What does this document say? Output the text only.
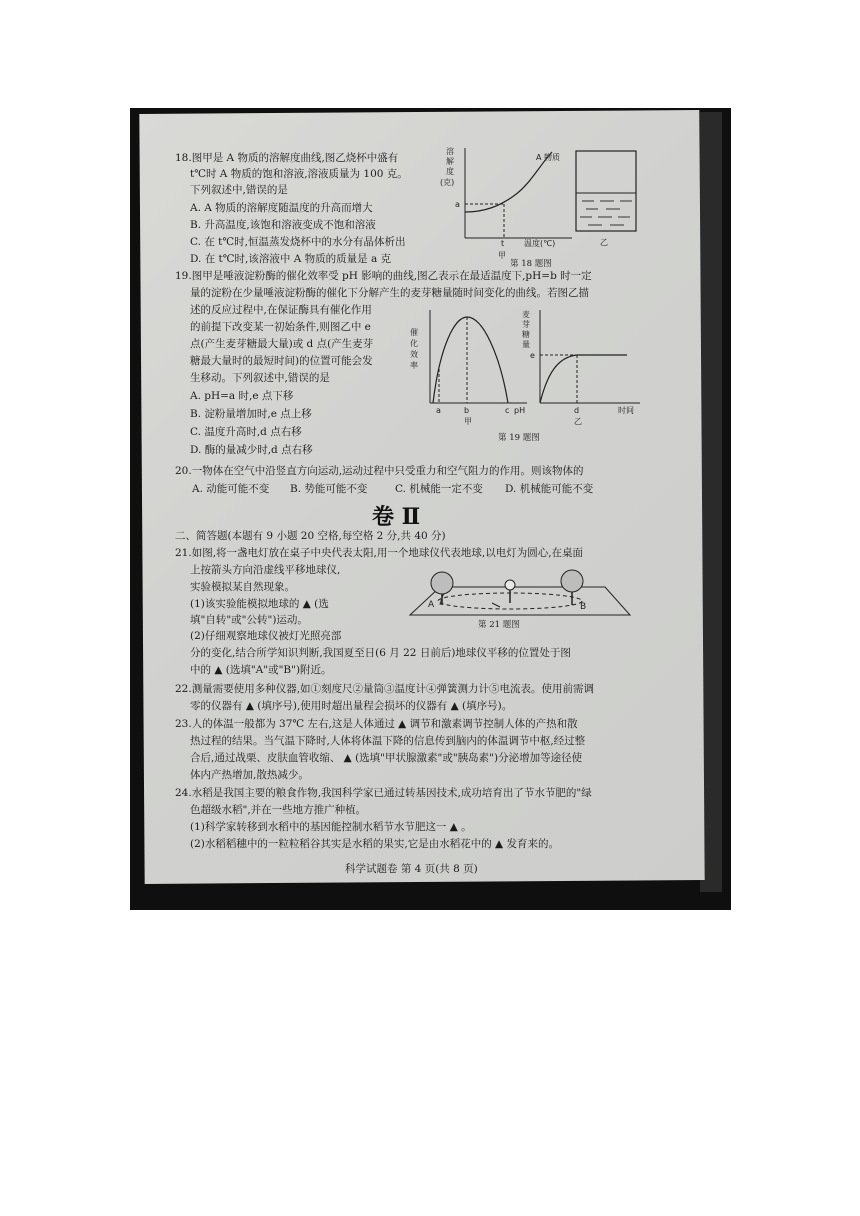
18.图甲是 A 物质的溶解度曲线,图乙烧杯中盛有
t℃时 A 物质的饱和溶液,溶液质量为 100 克。
下列叙述中,错误的是
A. A 物质的溶解度随温度的升高而增大
B. 升高温度,该饱和溶液变成不饱和溶液
C. 在 t℃时,恒温蒸发烧杯中的水分有晶体析出
D. 在 t℃时,该溶液中 A 物质的质量是 a 克
溶
解
度
(克)
A 物质
a
t 温度(℃)
甲
乙
第 18 题图
19.图甲是唾液淀粉酶的催化效率受 pH 影响的曲线,图乙表示在最适温度下,pH=b 时一定
量的淀粉在少量唾液淀粉酶的催化下分解产生的麦芽糖量随时间变化的曲线。若图乙描
述的反应过程中,在保证酶具有催化作用
的前提下改变某一初始条件,则图乙中 e
点(产生麦芽糖最大量)或 d 点(产生麦芽
糖最大量时的最短时间)的位置可能会发
生移动。下列叙述中,错误的是
A. pH=a 时,e 点下移
B. 淀粉量增加时,e 点上移
C. 温度升高时,d 点右移
D. 酶的量减少时,d 点右移
催
化
效
率
a	b	c pH
甲
麦
芽
糖
量
e
d	时间
乙
第 19 题图
20.一物体在空气中沿竖直方向运动,运动过程中只受重力和空气阻力的作用。则该物体的
A. 动能可能不变 B. 势能可能不变	C. 机械能一定不变 D. 机械能可能不变
卷 Ⅱ
二、简答题(本题有 9 小题 20 空格,每空格 2 分,共 40 分)
21.如图,将一盏电灯放在桌子中央代表太阳,用一个地球仪代表地球,以电灯为圆心,在桌面
上按箭头方向沿虚线平移地球仪,
实验模拟某自然现象。
(1)该实验能模拟地球的 ▲ (选
填"自转"或"公转")运动。
(2)仔细观察地球仪被灯光照亮部
分的变化,结合所学知识判断,我国夏至日(6 月 22 日前后)地球仪平移的位置处于图
中的 ▲ (选填"A"或"B")附近。
A	B
第 21 题图
22.测量需要使用多种仪器,如①刻度尺②量筒③温度计④弹簧测力计⑤电流表。使用前需调
零的仪器有 ▲ (填序号),使用时超出量程会损坏的仪器有 ▲ (填序号)。
23.人的体温一般都为 37℃ 左右,这是人体通过 ▲ 调节和激素调节控制人体的产热和散
热过程的结果。当气温下降时,人体将体温下降的信息传到脑内的体温调节中枢,经过整
合后,通过战栗、皮肤血管收缩、 ▲ (选填"甲状腺激素"或"胰岛素")分泌增加等途径使
体内产热增加,散热减少。
24.水稻是我国主要的粮食作物,我国科学家已通过转基因技术,成功培育出了节水节肥的"绿
色超级水稻",并在一些地方推广种植。
(1)科学家转移到水稻中的基因能控制水稻节水节肥这一 ▲ 。
(2)水稻稻穗中的一粒粒稻谷其实是水稻的果实,它是由水稻花中的 ▲ 发育来的。
科学试题卷 第 4 页(共 8 页)
